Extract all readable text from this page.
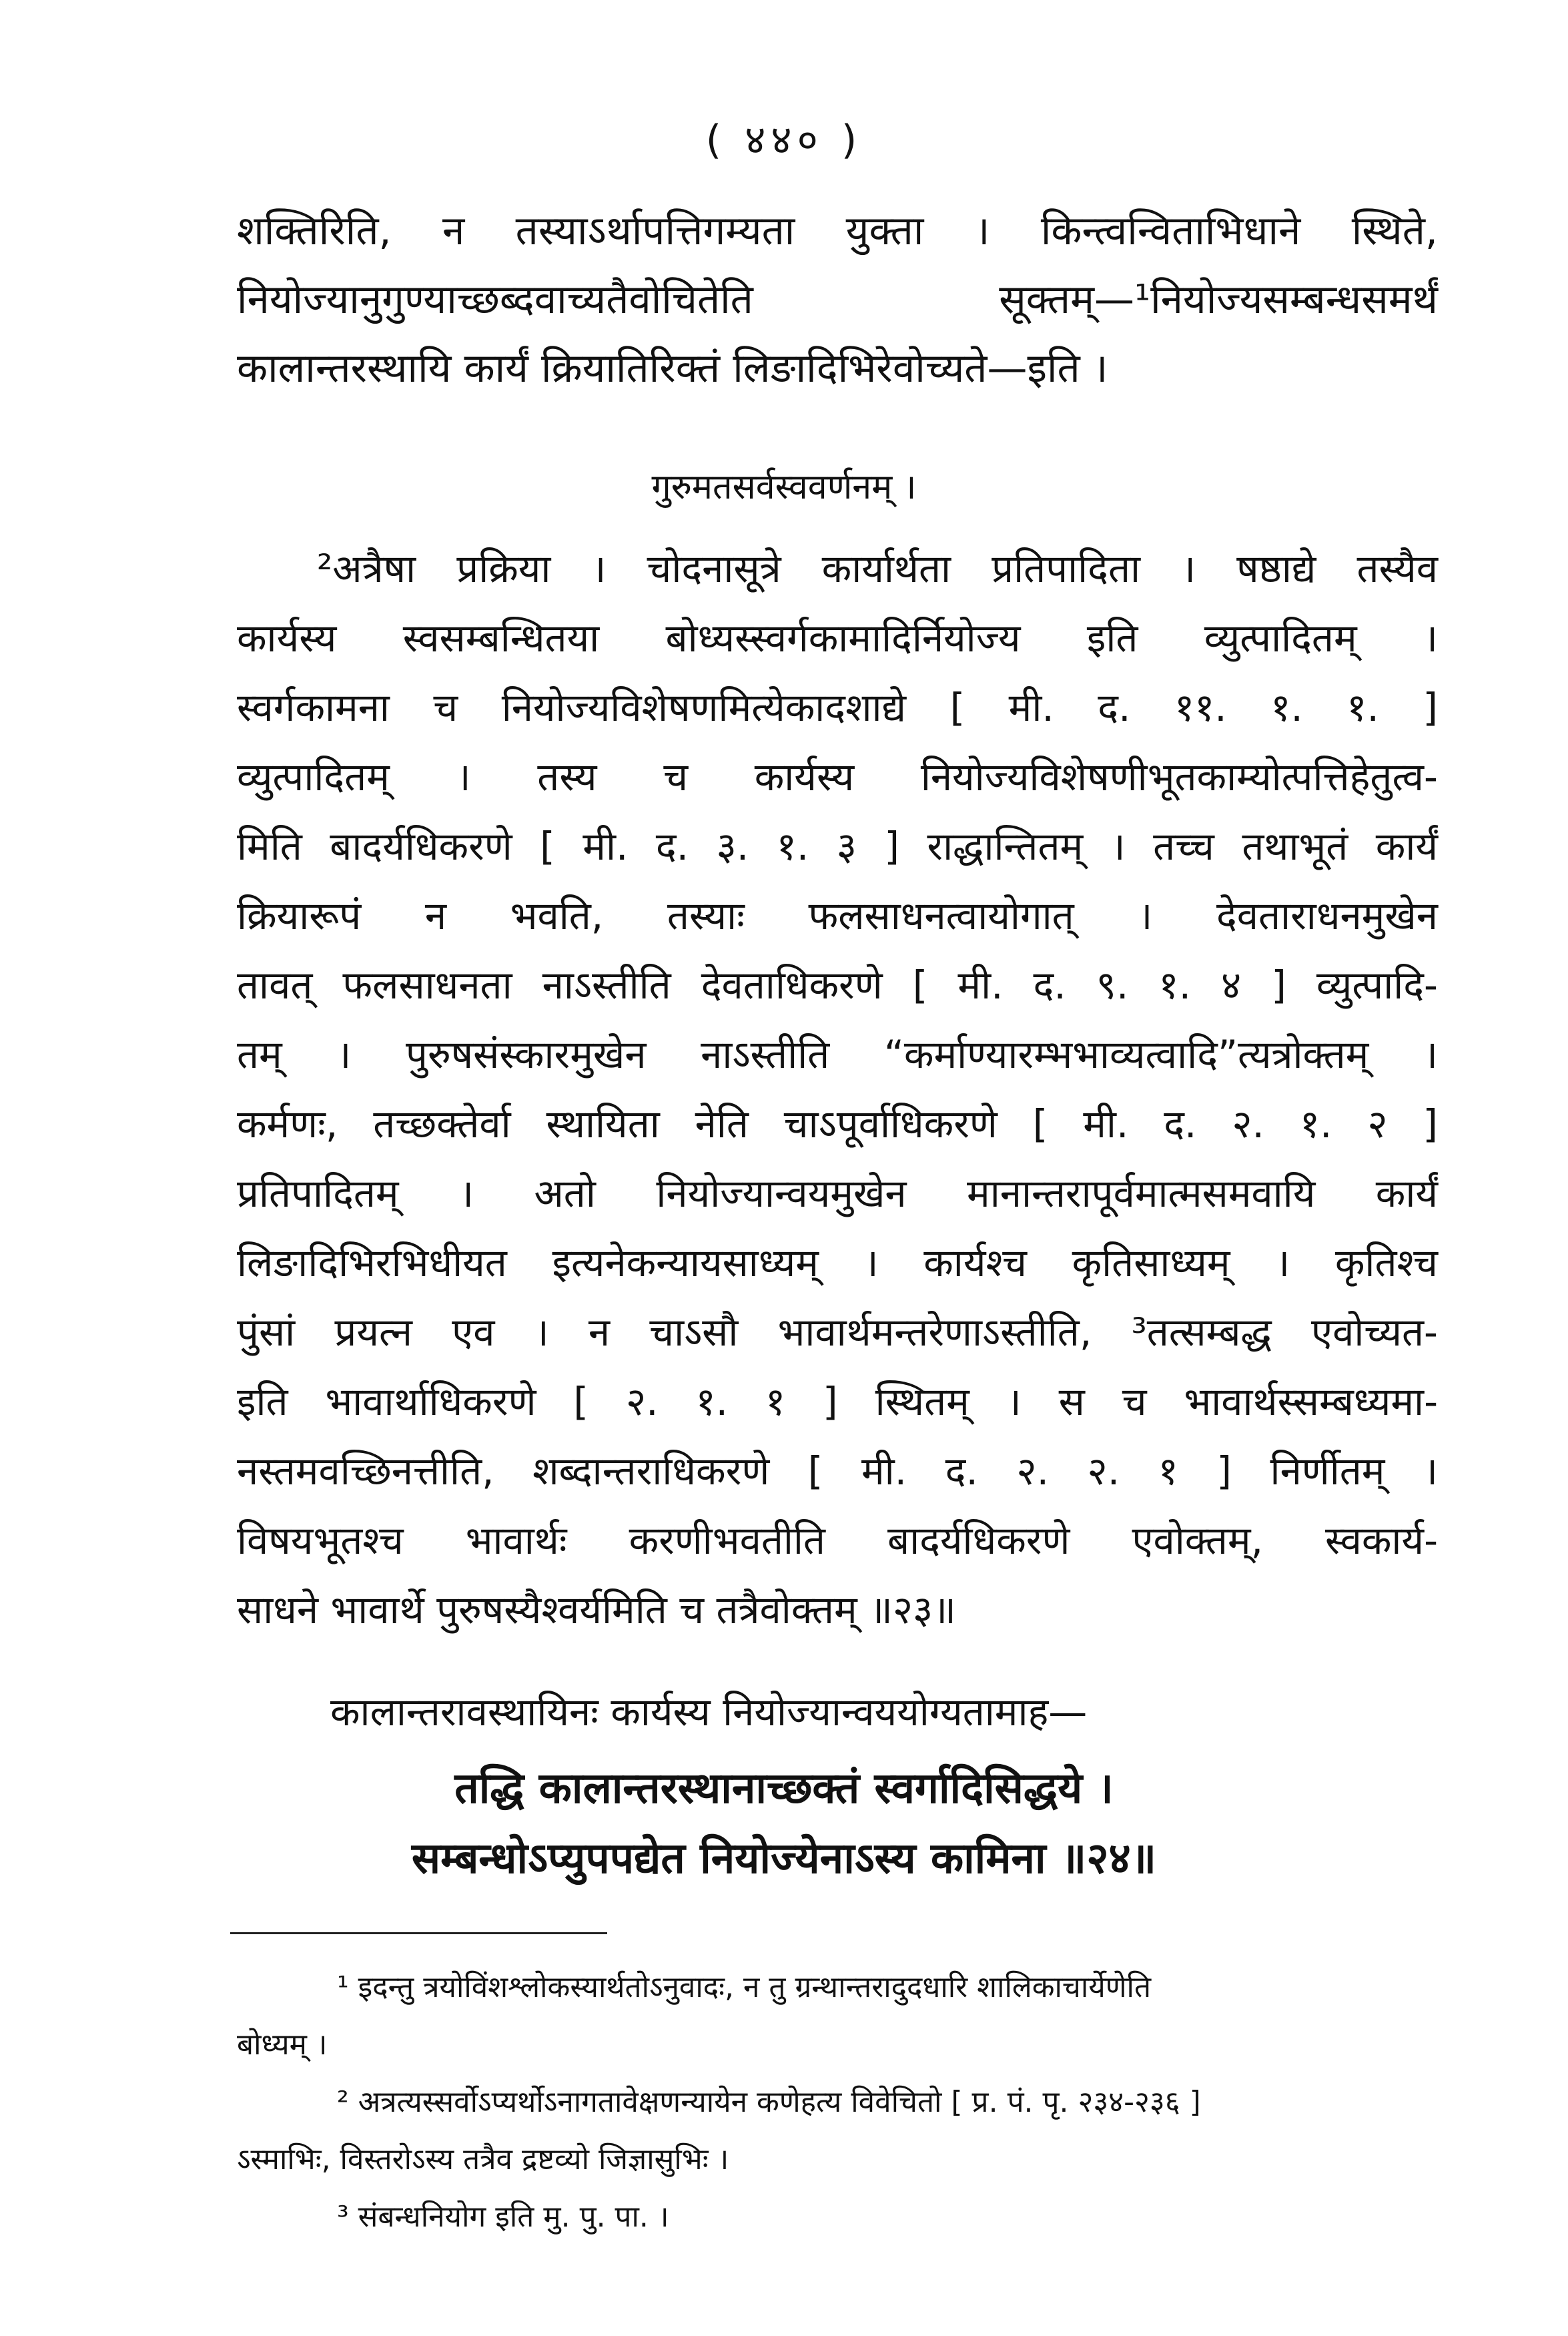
( ४४० )
शक्तिरिति, न तस्याऽर्थापत्तिगम्यता युक्ता । किन्त्वन्विताभिधाने स्थिते,
नियोज्यानुगुण्याच्छब्दवाच्यतैवोचितेति सूक्तम्—¹नियोज्यसम्बन्धसमर्थं
कालान्तरस्थायि कार्यं क्रियातिरिक्तं लिङादिभिरेवोच्यते—इति ।
गुरुमतसर्वस्ववर्णनम् ।
²अत्रैषा प्रक्रिया । चोदनासूत्रे कार्यार्थता प्रतिपादिता । षष्ठाद्ये तस्यैव
कार्यस्य स्वसम्बन्धितया बोध्यस्स्वर्गकामादिर्नियोज्य इति व्युत्पादितम् ।
स्वर्गकामना च नियोज्यविशेषणमित्येकादशाद्ये [ मी. द. ११. १. १. ]
व्युत्पादितम् । तस्य च कार्यस्य नियोज्यविशेषणीभूतकाम्योत्पत्तिहेतुत्व-
मिति बादर्यधिकरणे [ मी. द. ३. १. ३ ] राद्धान्तितम् । तच्च तथाभूतं कार्यं
क्रियारूपं न भवति, तस्याः फलसाधनत्वायोगात् । देवताराधनमुखेन
तावत् फलसाधनता नाऽस्तीति देवताधिकरणे [ मी. द. ९. १. ४ ] व्युत्पादि-
तम् । पुरुषसंस्कारमुखेन नाऽस्तीति “कर्माण्यारम्भभाव्यत्वादि”त्यत्रोक्तम् ।
कर्मणः, तच्छक्तेर्वा स्थायिता नेति चाऽपूर्वाधिकरणे [ मी. द. २. १. २ ]
प्रतिपादितम् । अतो नियोज्यान्वयमुखेन मानान्तरापूर्वमात्मसमवायि कार्यं
लिङादिभिरभिधीयत इत्यनेकन्यायसाध्यम् । कार्यश्च कृतिसाध्यम् । कृतिश्च
पुंसां प्रयत्न एव । न चाऽसौ भावार्थमन्तरेणाऽस्तीति, ³तत्सम्बद्ध एवोच्यत-
इति भावार्थाधिकरणे [ २. १. १ ] स्थितम् । स च भावार्थस्सम्बध्यमा-
नस्तमवच्छिनत्तीति, शब्दान्तराधिकरणे [ मी. द. २. २. १ ] निर्णीतम् ।
विषयभूतश्च भावार्थः करणीभवतीति बादर्यधिकरणे एवोक्तम्, स्वकार्य-
साधने भावार्थे पुरुषस्यैश्वर्यमिति च तत्रैवोक्तम् ॥२३॥
कालान्तरावस्थायिनः कार्यस्य नियोज्यान्वययोग्यतामाह—
तद्धि कालान्तरस्थानाच्छक्तं स्वर्गादिसिद्धये ।
सम्बन्धोऽप्युपपद्येत नियोज्येनाऽस्य कामिना ॥२४॥
¹ इदन्तु त्रयोविंशश्लोकस्यार्थतोऽनुवादः, न तु ग्रन्थान्तरादुदधारि शालिकाचार्येणेति
बोध्यम् ।
² अत्रत्यस्सर्वोऽप्यर्थोऽनागतावेक्षणन्यायेन कणेहत्य विवेचितो [ प्र. पं. पृ. २३४-२३६ ]
ऽस्माभिः, विस्तरोऽस्य तत्रैव द्रष्टव्यो जिज्ञासुभिः ।
³ संबन्धनियोग इति मु. पु. पा. ।
